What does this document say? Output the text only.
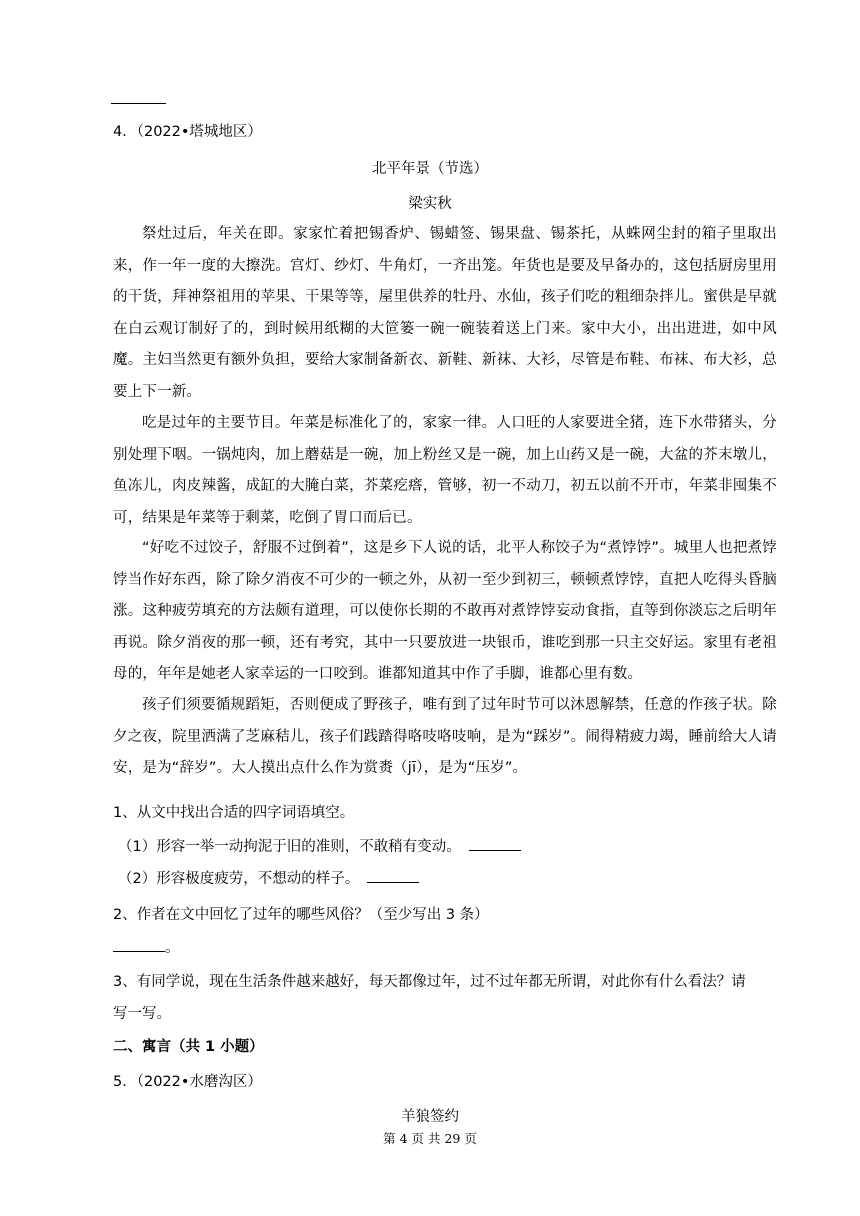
4．（2022•塔城地区）
北平年景（节选）
梁实秋

祭灶过后，年关在即。家家忙着把锡香炉、锡蜡签、锡果盘、锡茶托，从蛛网尘封的箱子里取出来，作一年一度的大擦洗。宫灯、纱灯、牛角灯，一齐出笼。年货也是要及早备办的，这包括厨房里用的干货，拜神祭祖用的苹果、干果等等，屋里供养的牡丹、水仙，孩子们吃的粗细杂拌儿。蜜供是早就在白云观订制好了的，到时候用纸糊的大笸篓一碗一碗装着送上门来。家中大小，出出进进，如中风魔。主妇当然更有额外负担，要给大家制备新衣、新鞋、新袜、大衫，尽管是布鞋、布袜、布大衫，总要上下一新。

吃是过年的主要节目。年菜是标准化了的，家家一律。人口旺的人家要进全猪，连下水带猪头，分别处理下咽。一锅炖肉，加上蘑菇是一碗，加上粉丝又是一碗，加上山药又是一碗，大盆的芥末墩儿，鱼冻儿，肉皮辣酱，成缸的大腌白菜，芥菜疙瘩，管够，初一不动刀，初五以前不开市，年菜非囤集不可，结果是年菜等于剩菜，吃倒了胃口而后已。

“好吃不过饺子，舒服不过倒着”，这是乡下人说的话，北平人称饺子为“煮饽饽”。城里人也把煮饽饽当作好东西，除了除夕消夜不可少的一顿之外，从初一至少到初三，顿顿煮饽饽，直把人吃得头昏脑涨。这种疲劳填充的方法颇有道理，可以使你长期的不敢再对煮饽饽妄动食指，直等到你淡忘之后明年再说。除夕消夜的那一顿，还有考究，其中一只要放进一块银币，谁吃到那一只主交好运。家里有老祖母的，年年是她老人家幸运的一口咬到。谁都知道其中作了手脚，谁都心里有数。

孩子们须要循规蹈矩，否则便成了野孩子，唯有到了过年时节可以沐恩解禁，任意的作孩子状。除夕之夜，院里洒满了芝麻秸儿，孩子们践踏得咯吱咯吱响，是为“踩岁”。闹得精疲力竭，睡前给大人请安，是为“辞岁”。大人摸出点什么作为赏赉（jī），是为“压岁”。

1、从文中找出合适的四字词语填空。
（1）形容一举一动拘泥于旧的准则，不敢稍有变动。
（2）形容极度疲劳，不想动的样子。
2、作者在文中回忆了过年的哪些风俗？（至少写出 3 条）
。
3、有同学说，现在生活条件越来越好，每天都像过年，过不过年都无所谓，对此你有什么看法？请
写一写。
二、寓言（共 1 小题）
5．（2022•水磨沟区）
羊狼签约
第 4 页 共 29 页
